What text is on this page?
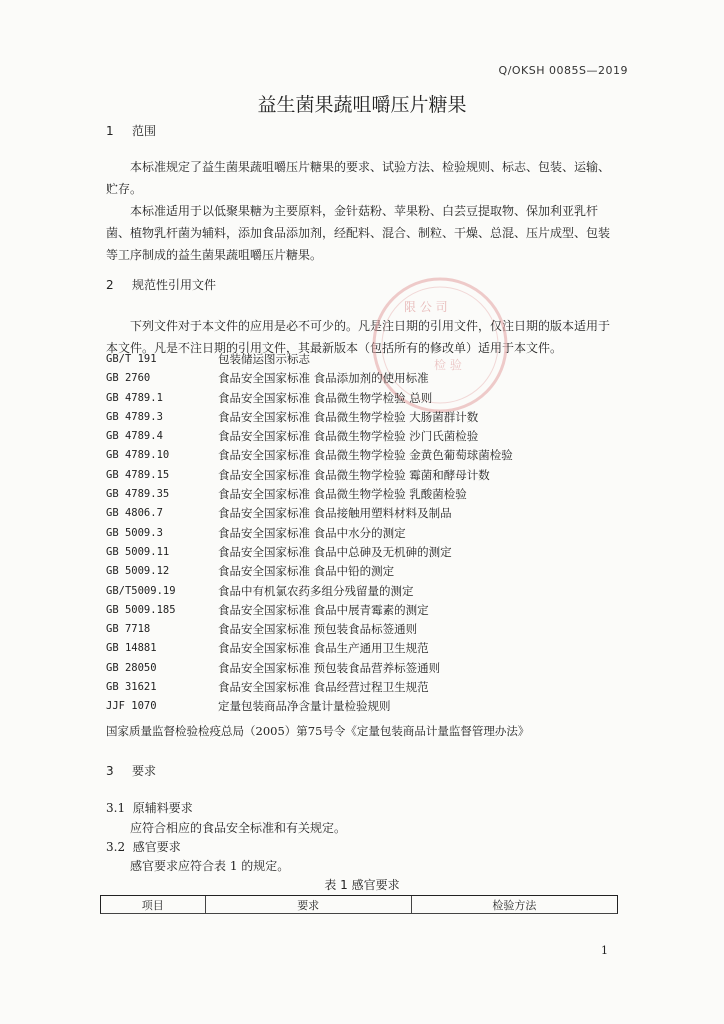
Q/OKSH 0085S—2019
益生菌果蔬咀嚼压片糖果
1 范围
本标准规定了益生菌果蔬咀嚼压片糖果的要求、试验方法、检验规则、标志、包装、运输、贮存。
本标准适用于以低聚果糖为主要原料，金针菇粉、苹果粉、白芸豆提取物、保加利亚乳杆菌、植物乳杆菌为辅料，添加食品添加剂，经配料、混合、制粒、干燥、总混、压片成型、包装等工序制成的益生菌果蔬咀嚼压片糖果。
2 规范性引用文件
下列文件对于本文件的应用是必不可少的。凡是注日期的引用文件，仅注日期的版本适用于本文件。凡是不注日期的引用文件，其最新版本（包括所有的修改单）适用于本文件。
限 公 司
检 验
GB/T 191	包装储运图示标志
GB 2760	食品安全国家标准 食品添加剂的使用标准
GB 4789.1	食品安全国家标准 食品微生物学检验 总则
GB 4789.3	食品安全国家标准 食品微生物学检验 大肠菌群计数
GB 4789.4	食品安全国家标准 食品微生物学检验 沙门氏菌检验
GB 4789.10	食品安全国家标准 食品微生物学检验 金黄色葡萄球菌检验
GB 4789.15	食品安全国家标准 食品微生物学检验 霉菌和酵母计数
GB 4789.35	食品安全国家标准 食品微生物学检验 乳酸菌检验
GB 4806.7	食品安全国家标准 食品接触用塑料材料及制品
GB 5009.3	食品安全国家标准 食品中水分的测定
GB 5009.11	食品安全国家标准 食品中总砷及无机砷的测定
GB 5009.12	食品安全国家标准 食品中铅的测定
GB/T5009.19	食品中有机氯农药多组分残留量的测定
GB 5009.185	食品安全国家标准 食品中展青霉素的测定
GB 7718	食品安全国家标准 预包装食品标签通则
GB 14881	食品安全国家标准 食品生产通用卫生规范
GB 28050	食品安全国家标准 预包装食品营养标签通则
GB 31621	食品安全国家标准 食品经营过程卫生规范
JJF 1070	定量包装商品净含量计量检验规则
国家质量监督检验检疫总局（2005）第75号令《定量包装商品计量监督管理办法》
3 要求
3.1 原辅料要求
应符合相应的食品安全标准和有关规定。
3.2 感官要求
感官要求应符合表 1 的规定。
表 1 感官要求
项目	要求	检验方法
1
